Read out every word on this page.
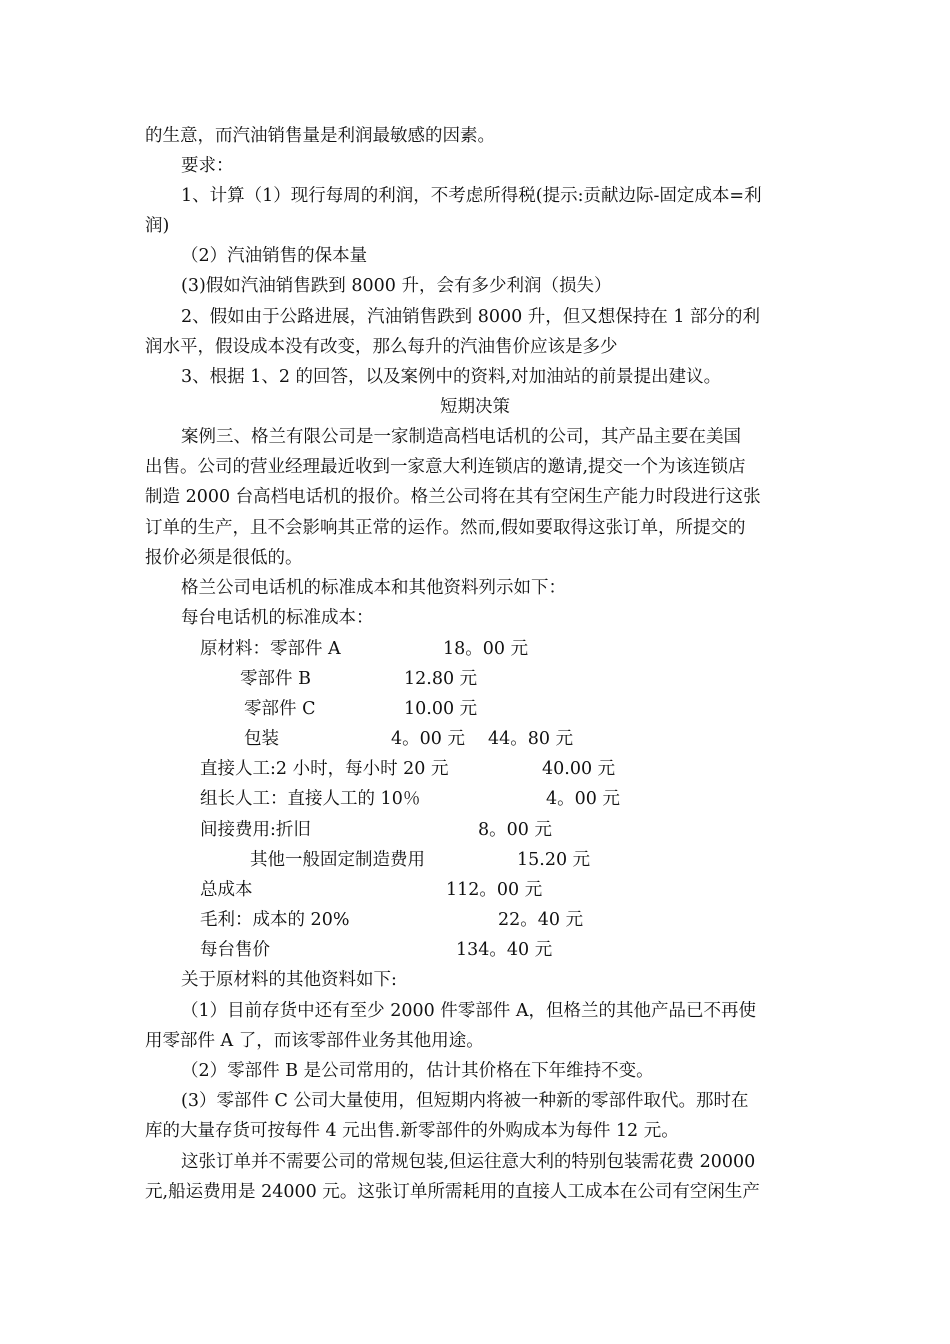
的生意，而汽油销售量是利润最敏感的因素。
要求：
1、计算（1）现行每周的利润，不考虑所得税(提示:贡献边际-固定成本=利
润)
（2）汽油销售的保本量
(3)假如汽油销售跌到 8000 升，会有多少利润（损失）
2、假如由于公路进展，汽油销售跌到 8000 升，但又想保持在 1 部分的利
润水平，假设成本没有改变，那么每升的汽油售价应该是多少
3、根据 1、2 的回答，以及案例中的资料,对加油站的前景提出建议。
短期决策
案例三、格兰有限公司是一家制造高档电话机的公司，其产品主要在美国
出售。公司的营业经理最近收到一家意大利连锁店的邀请,提交一个为该连锁店
制造 2000 台高档电话机的报价。格兰公司将在其有空闲生产能力时段进行这张
订单的生产，且不会影响其正常的运作。然而,假如要取得这张订单，所提交的
报价必须是很低的。
格兰公司电话机的标准成本和其他资料列示如下：
每台电话机的标准成本：
原材料：零部件 A	18。00 元
零部件 B	12.80 元
零部件 C	10.00 元
包装	4。00 元 44。80 元
直接人工:2 小时，每小时 20 元	40.00 元
组长人工：直接人工的 10％	4。00 元
间接费用:折旧	8。00 元
其他一般固定制造费用	15.20 元
总成本	112。00 元
毛利：成本的 20%	22。40 元
每台售价	134。40 元
关于原材料的其他资料如下:
（1）目前存货中还有至少 2000 件零部件 A，但格兰的其他产品已不再使
用零部件 A 了，而该零部件业务其他用途。
（2）零部件 B 是公司常用的，估计其价格在下年维持不变。
(3）零部件 C 公司大量使用，但短期内将被一种新的零部件取代。那时在
库的大量存货可按每件 4 元出售.新零部件的外购成本为每件 12 元。
这张订单并不需要公司的常规包装,但运往意大利的特别包装需花费 20000
元,船运费用是 24000 元。这张订单所需耗用的直接人工成本在公司有空闲生产
